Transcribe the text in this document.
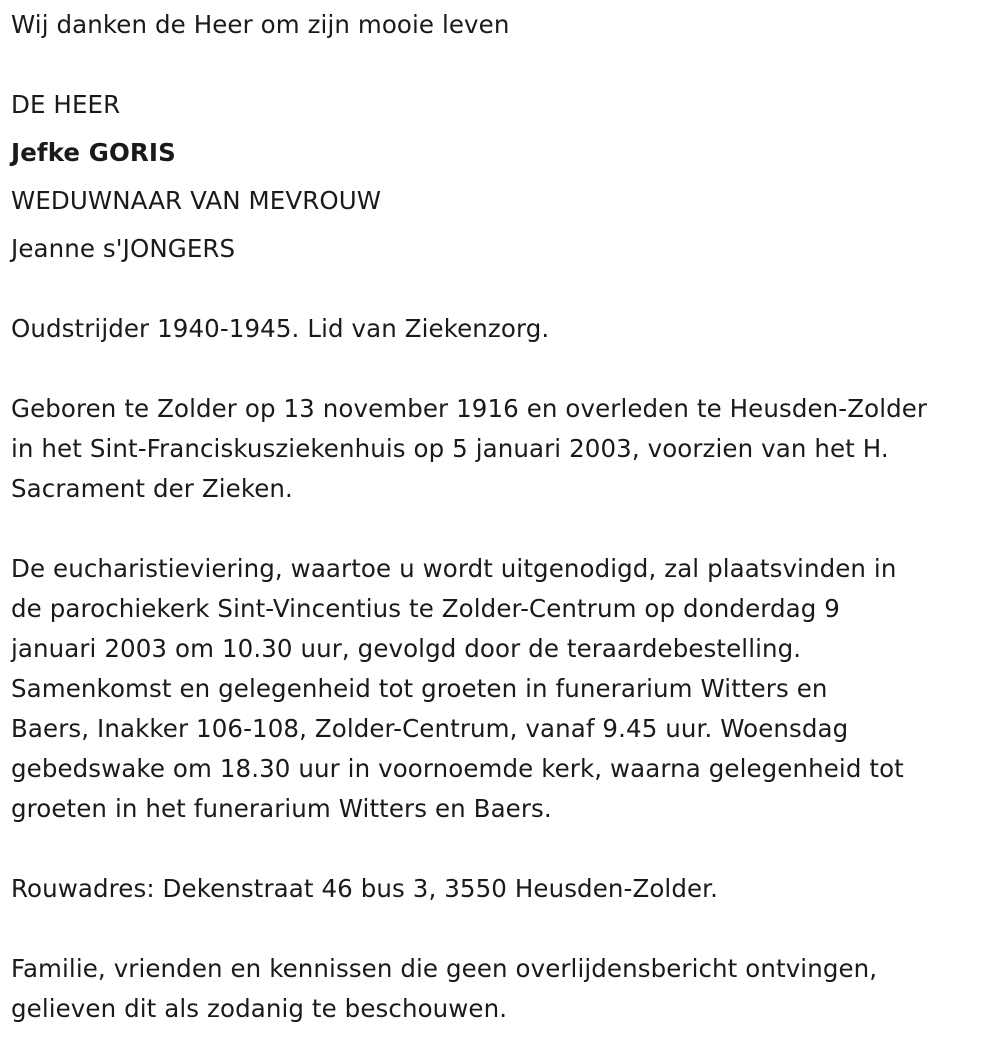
Wij danken de Heer om zijn mooie leven
DE HEER
Jefke GORIS
WEDUWNAAR VAN MEVROUW
Jeanne s'JONGERS
Oudstrijder 1940-1945. Lid van Ziekenzorg.
Geboren te Zolder op 13 november 1916 en overleden te Heusden-Zolder
in het Sint-Franciskusziekenhuis op 5 januari 2003, voorzien van het H.
Sacrament der Zieken.
De eucharistieviering, waartoe u wordt uitgenodigd, zal plaatsvinden in
de parochiekerk Sint-Vincentius te Zolder-Centrum op donderdag 9
januari 2003 om 10.30 uur, gevolgd door de teraardebestelling.
Samenkomst en gelegenheid tot groeten in funerarium Witters en
Baers, Inakker 106-108, Zolder-Centrum, vanaf 9.45 uur. Woensdag
gebedswake om 18.30 uur in voornoemde kerk, waarna gelegenheid tot
groeten in het funerarium Witters en Baers.
Rouwadres: Dekenstraat 46 bus 3, 3550 Heusden-Zolder.
Familie, vrienden en kennissen die geen overlijdensbericht ontvingen,
gelieven dit als zodanig te beschouwen.
